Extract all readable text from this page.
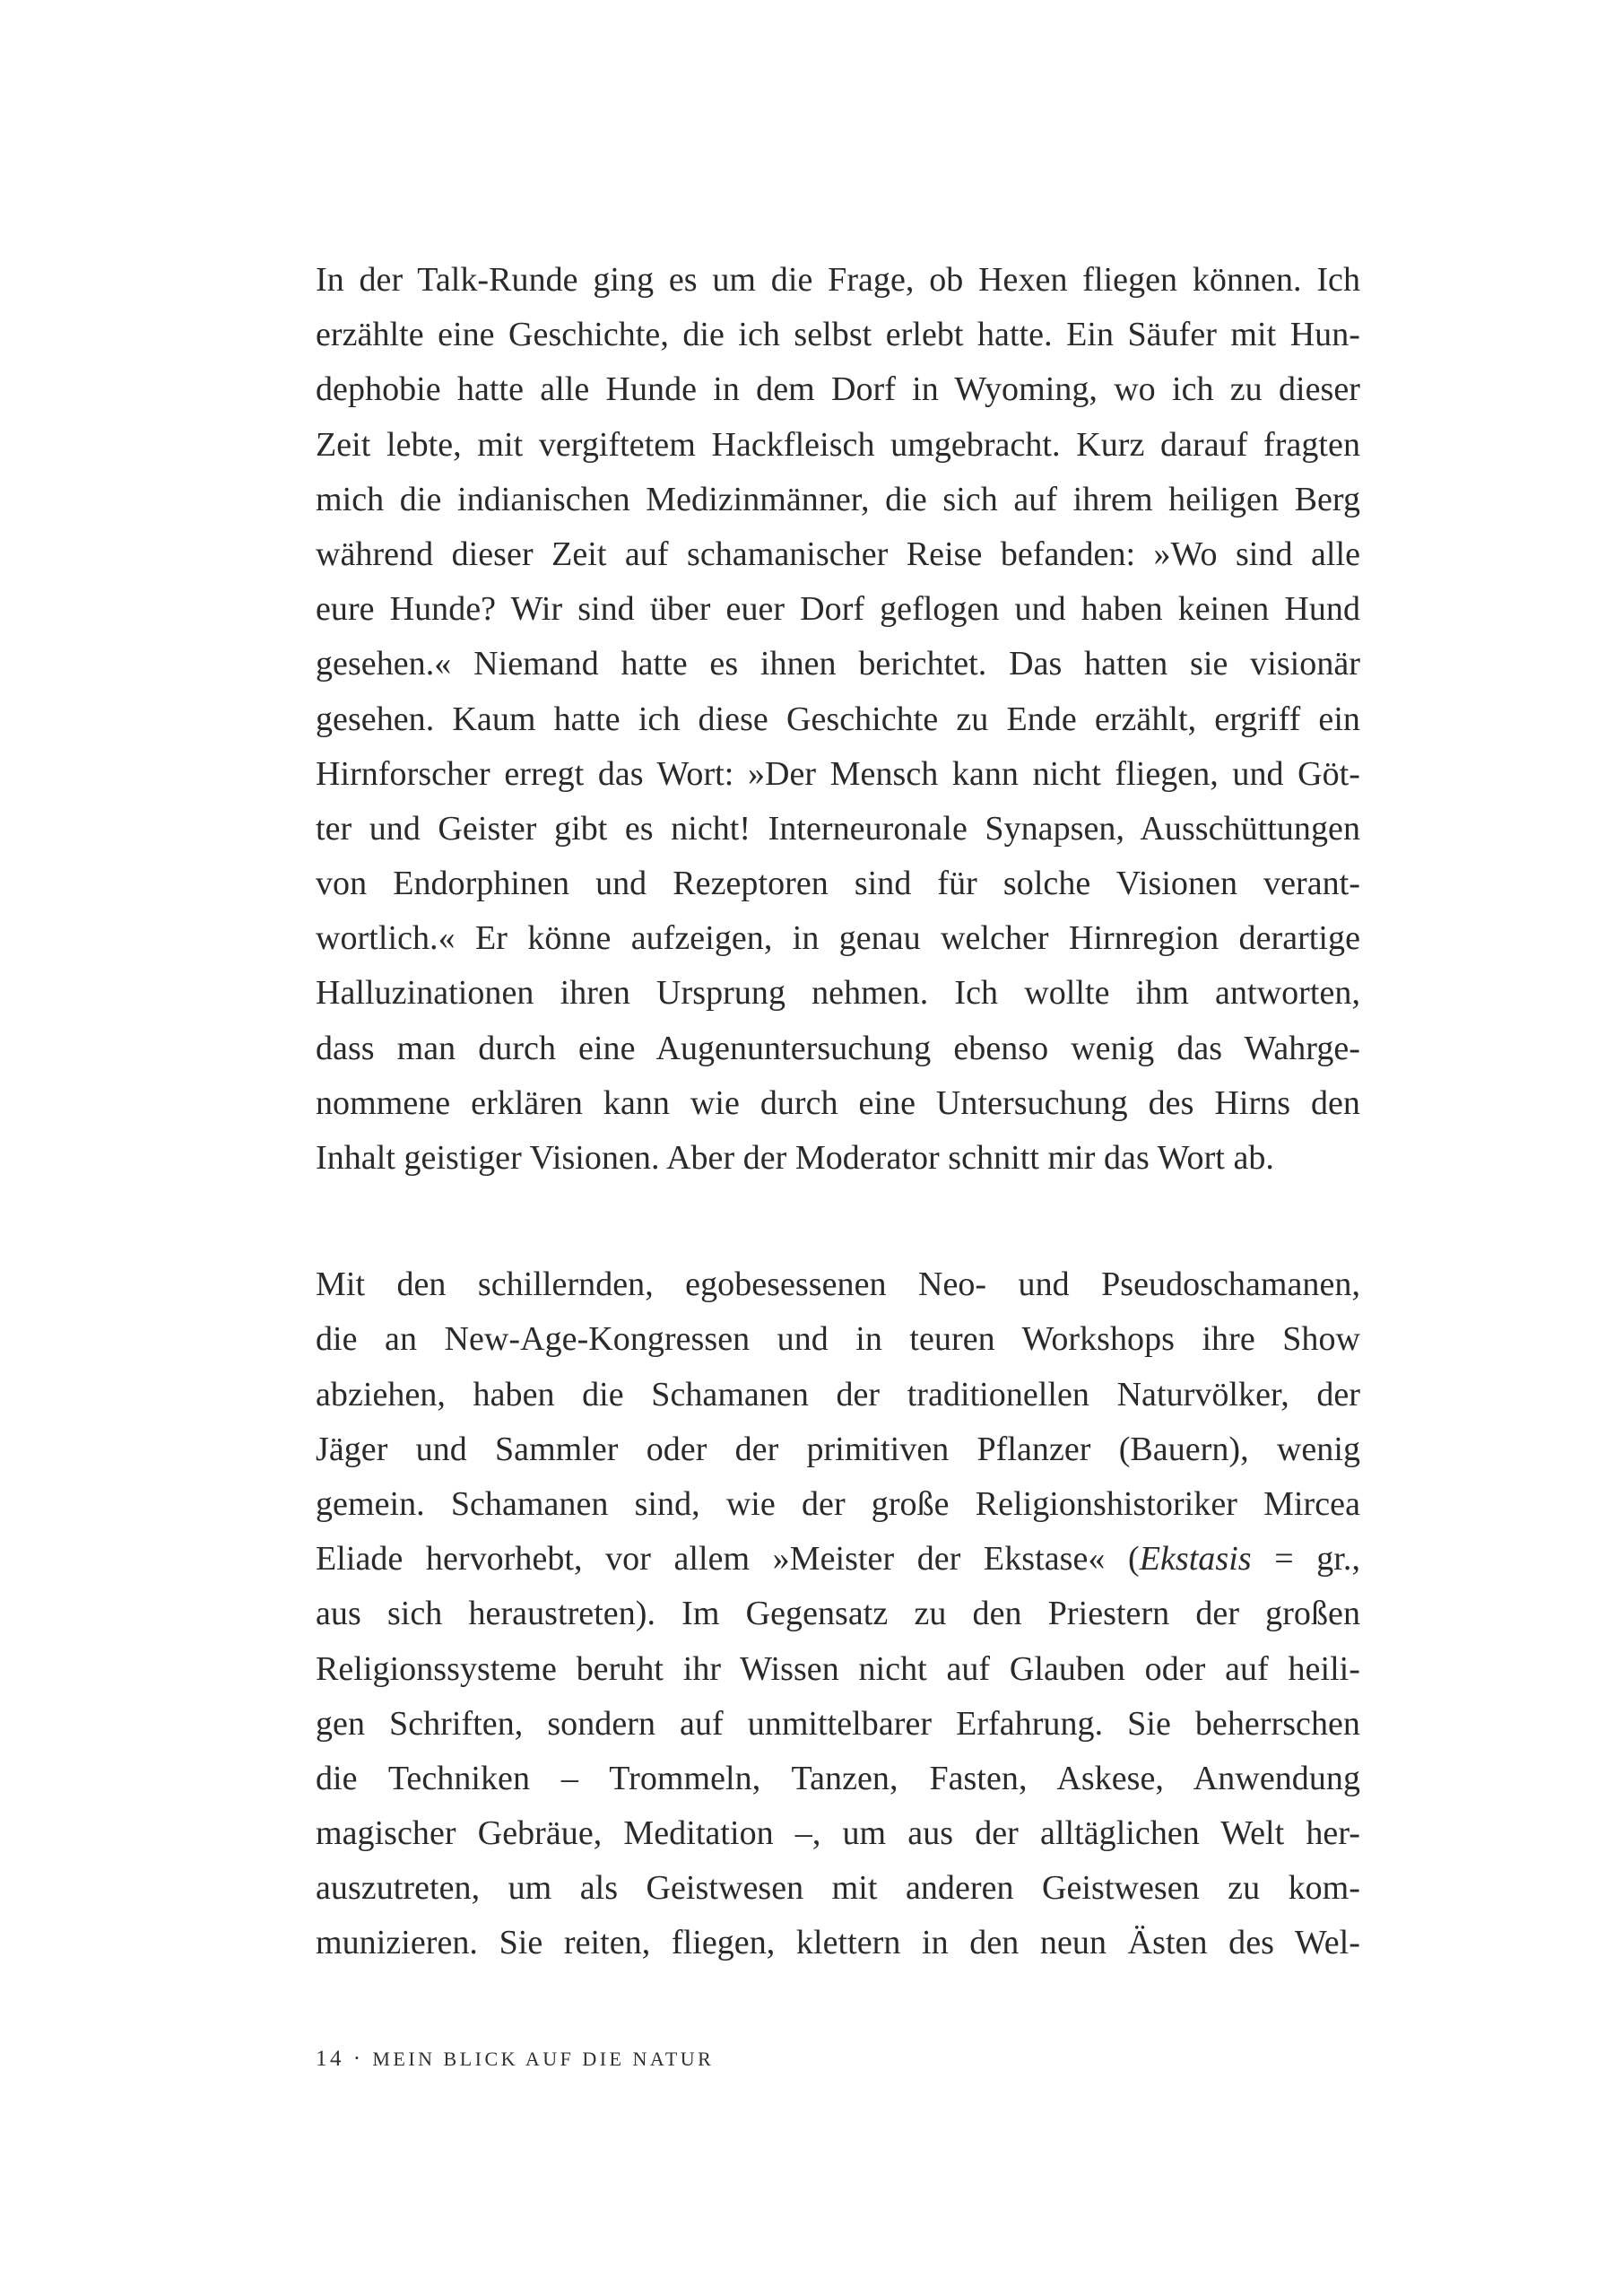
In der Talk-Runde ging es um die Frage, ob Hexen fliegen können. Ich
erzählte eine Geschichte, die ich selbst erlebt hatte. Ein Säufer mit Hun-
dephobie hatte alle Hunde in dem Dorf in Wyoming, wo ich zu dieser
Zeit lebte, mit vergiftetem Hackfleisch umgebracht. Kurz darauf fragten
mich die indianischen Medizinmänner, die sich auf ihrem heiligen Berg
während dieser Zeit auf schamanischer Reise befanden: »Wo sind alle
eure Hunde? Wir sind über euer Dorf geflogen und haben keinen Hund
gesehen.« Niemand hatte es ihnen berichtet. Das hatten sie visionär
gesehen. Kaum hatte ich diese Geschichte zu Ende erzählt, ergriff ein
Hirnforscher erregt das Wort: »Der Mensch kann nicht fliegen, und Göt-
ter und Geister gibt es nicht! Interneuronale Synapsen, Ausschüttungen
von Endorphinen und Rezeptoren sind für solche Visionen verant-
wortlich.« Er könne aufzeigen, in genau welcher Hirnregion derartige
Halluzinationen ihren Ursprung nehmen. Ich wollte ihm antworten,
dass man durch eine Augenuntersuchung ebenso wenig das Wahrge-
nommene erklären kann wie durch eine Untersuchung des Hirns den
Inhalt geistiger Visionen. Aber der Moderator schnitt mir das Wort ab.
Mit den schillernden, egobesessenen Neo- und Pseudoschamanen,
die an New-Age-Kongressen und in teuren Workshops ihre Show
abziehen, haben die Schamanen der traditionellen Naturvölker, der
Jäger und Sammler oder der primitiven Pflanzer (Bauern), wenig
gemein. Schamanen sind, wie der große Religionshistoriker Mircea
Eliade hervorhebt, vor allem »Meister der Ekstase« (Ekstasis = gr.,
aus sich heraustreten). Im Gegensatz zu den Priestern der großen
Religionssysteme beruht ihr Wissen nicht auf Glauben oder auf heili-
gen Schriften, sondern auf unmittelbarer Erfahrung. Sie beherrschen
die Techniken – Trommeln, Tanzen, Fasten, Askese, Anwendung
magischer Gebräue, Meditation –, um aus der alltäglichen Welt her-
auszutreten, um als Geistwesen mit anderen Geistwesen zu kom-
munizieren. Sie reiten, fliegen, klettern in den neun Ästen des Wel-
14 · MEIN BLICK AUF DIE NATUR
